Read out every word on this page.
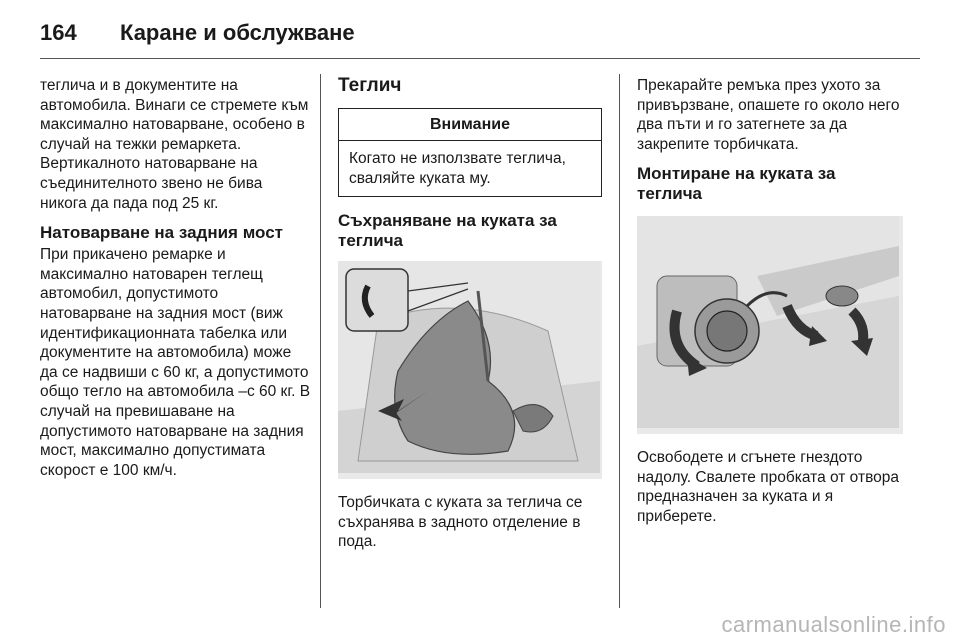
164 Каране и обслужване

теглича и в документите на автомобила. Винаги се стремете към максимално натоварване, особено в случай на тежки ремаркета. Вертикалното натоварване на съединителното звено не бива никога да пада под 25 кг.

Натоварване на задния мост

При прикачено ремарке и максимално натоварен теглещ автомобил, допустимото натоварване на задния мост (виж идентификационната табелка или документите на автомобила) може да се надвиши с 60 кг, а допустимото общо тегло на автомобила –с 60 кг. В случай на превишаване на допустимото натоварване на задния мост, максимално допустимата скорост е 100 км/ч.

Теглич
Внимание
Когато не използвате теглича, сваляйте куката му.
Съхраняване на куката за теглича

Торбичката с куката за теглича се съхранява в задното отделение в пода.

Прекарайте ремъка през ухото за привързване, опашете го около него два пъти и го затегнете за да закрепите торбичката.

Монтиране на куката за теглича

Освободете и сгънете гнездото надолу. Свалете пробката от отвора предназначен за куката и я приберете.

carmanualsonline.info
